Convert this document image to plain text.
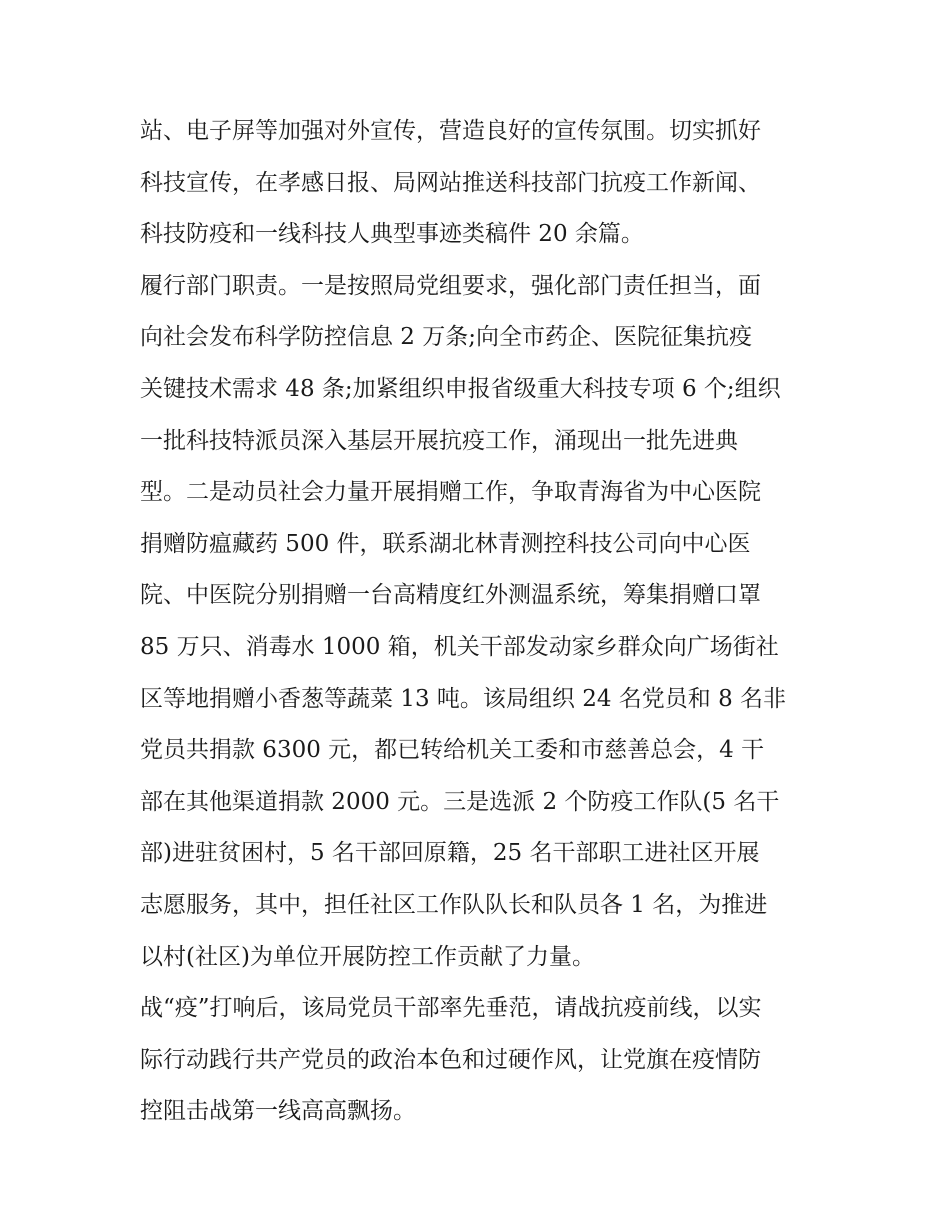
站、电子屏等加强对外宣传，营造良好的宣传氛围。切实抓好
科技宣传，在孝感日报、局网站推送科技部门抗疫工作新闻、
科技防疫和一线科技人典型事迹类稿件 20 余篇。
履行部门职责。一是按照局党组要求，强化部门责任担当，面
向社会发布科学防控信息 2 万条;向全市药企、医院征集抗疫
关键技术需求 48 条;加紧组织申报省级重大科技专项 6 个;组织
一批科技特派员深入基层开展抗疫工作，涌现出一批先进典
型。二是动员社会力量开展捐赠工作，争取青海省为中心医院
捐赠防瘟藏药 500 件，联系湖北林青测控科技公司向中心医
院、中医院分别捐赠一台高精度红外测温系统，筹集捐赠口罩
85 万只、消毒水 1000 箱，机关干部发动家乡群众向广场街社
区等地捐赠小香葱等蔬菜 13 吨。该局组织 24 名党员和 8 名非
党员共捐款 6300 元，都已转给机关工委和市慈善总会，4 干
部在其他渠道捐款 2000 元。三是选派 2 个防疫工作队(5 名干
部)进驻贫困村，5 名干部回原籍，25 名干部职工进社区开展
志愿服务，其中，担任社区工作队队长和队员各 1 名，为推进
以村(社区)为单位开展防控工作贡献了力量。
战“疫”打响后，该局党员干部率先垂范，请战抗疫前线，以实
际行动践行共产党员的政治本色和过硬作风，让党旗在疫情防
控阻击战第一线高高飘扬。
